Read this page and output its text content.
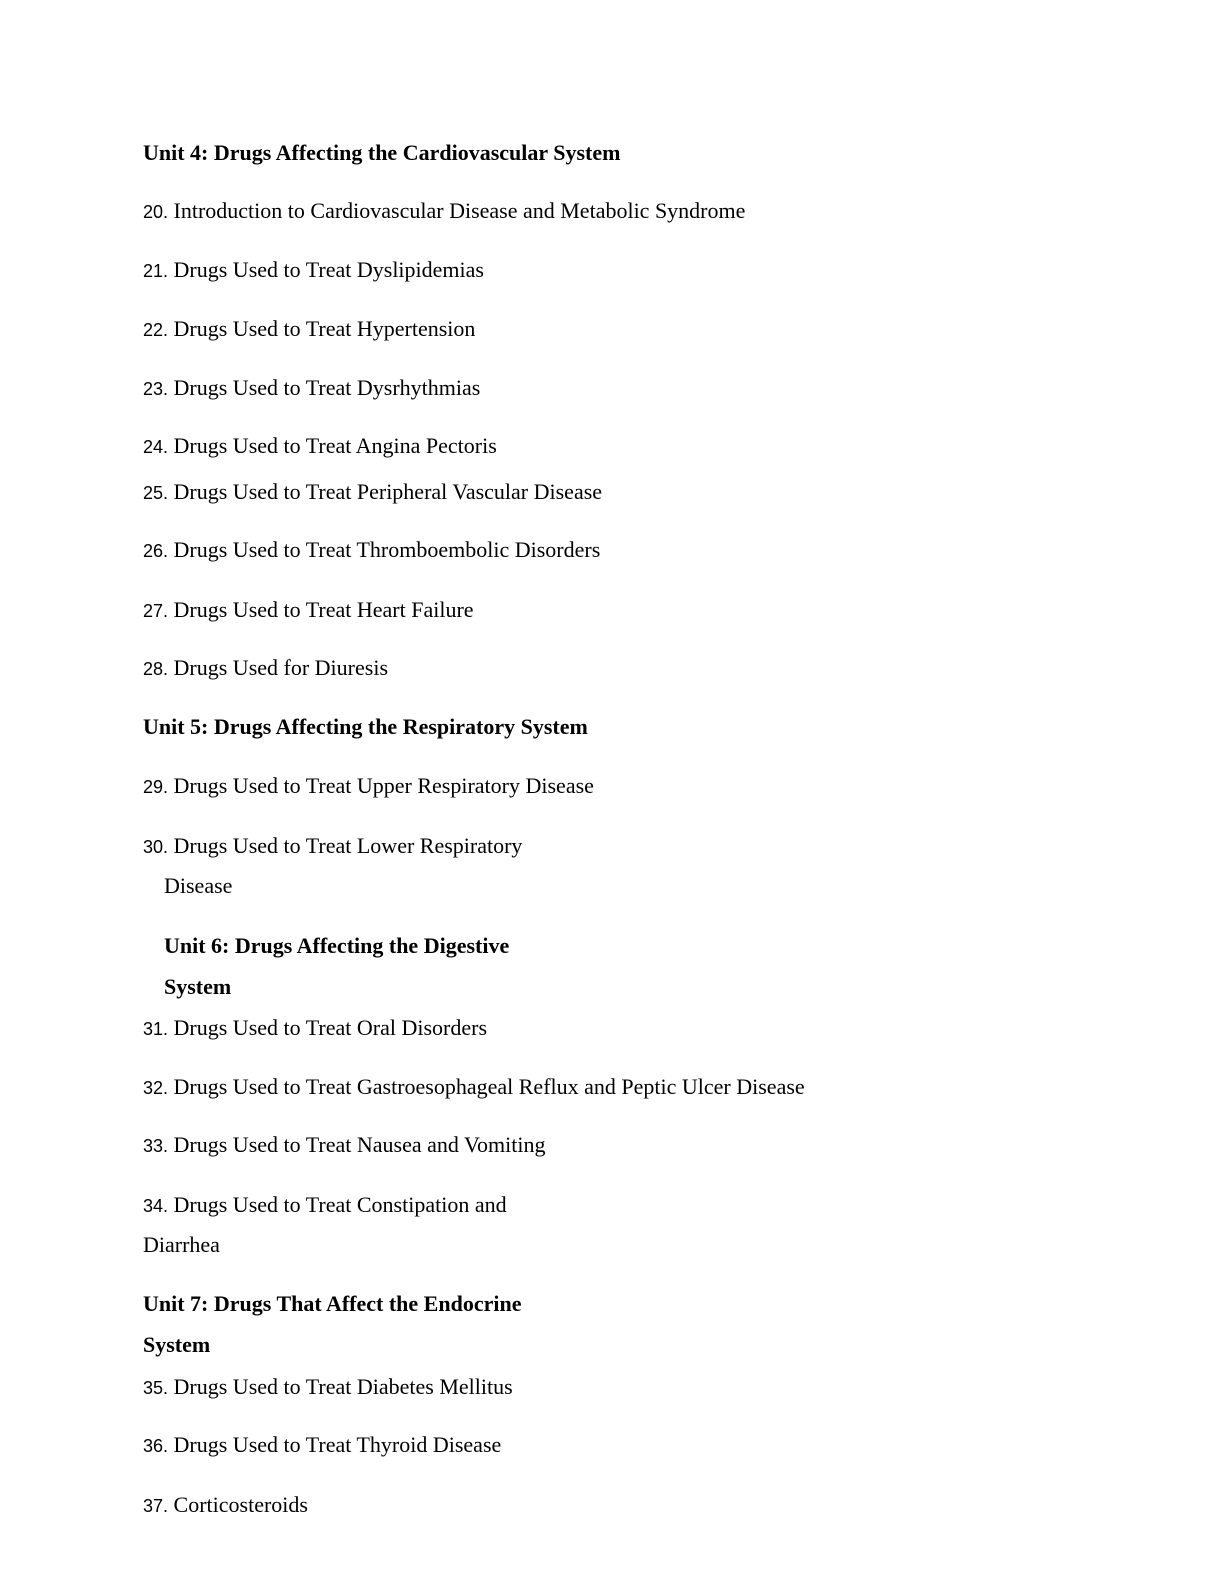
Unit 4: Drugs Affecting the Cardiovascular System
20. Introduction to Cardiovascular Disease and Metabolic Syndrome
21. Drugs Used to Treat Dyslipidemias
22. Drugs Used to Treat Hypertension
23. Drugs Used to Treat Dysrhythmias
24. Drugs Used to Treat Angina Pectoris
25. Drugs Used to Treat Peripheral Vascular Disease
26. Drugs Used to Treat Thromboembolic Disorders
27. Drugs Used to Treat Heart Failure
28. Drugs Used for Diuresis
Unit 5: Drugs Affecting the Respiratory System
29. Drugs Used to Treat Upper Respiratory Disease
30. Drugs Used to Treat Lower Respiratory
Disease
Unit 6: Drugs Affecting the Digestive
System
31. Drugs Used to Treat Oral Disorders
32. Drugs Used to Treat Gastroesophageal Reflux and Peptic Ulcer Disease
33. Drugs Used to Treat Nausea and Vomiting
34. Drugs Used to Treat Constipation and
Diarrhea
Unit 7: Drugs That Affect the Endocrine
System
35. Drugs Used to Treat Diabetes Mellitus
36. Drugs Used to Treat Thyroid Disease
37. Corticosteroids
